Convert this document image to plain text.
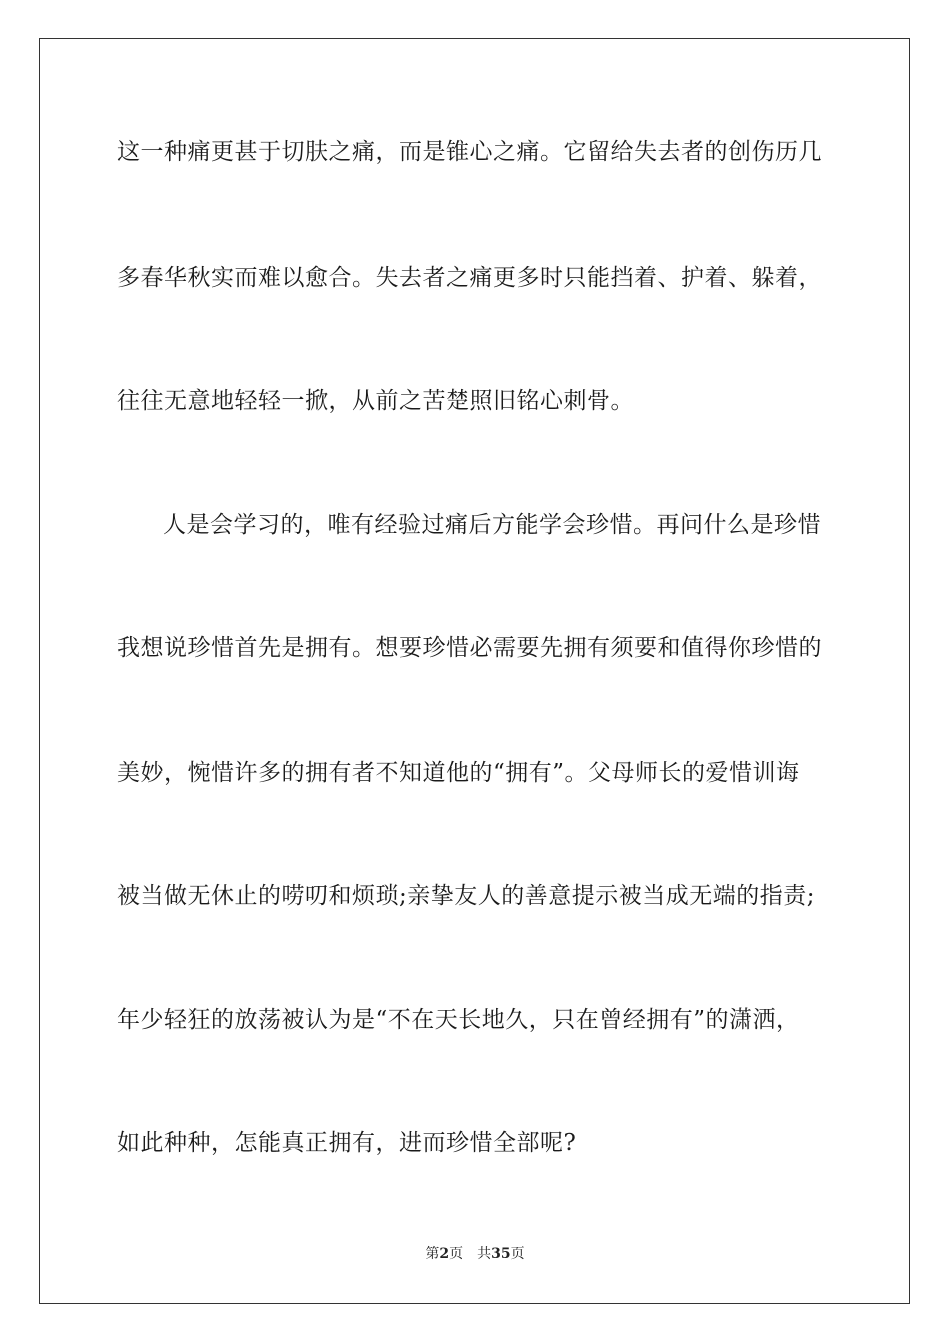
这一种痛更甚于切肤之痛，而是锥心之痛。它留给失去者的创伤历几
多春华秋实而难以愈合。失去者之痛更多时只能挡着、护着、躲着，
往往无意地轻轻一掀，从前之苦楚照旧铭心刺骨。
人是会学习的，唯有经验过痛后方能学会珍惜。再问什么是珍惜
我想说珍惜首先是拥有。想要珍惜必需要先拥有须要和值得你珍惜的
美妙，惋惜许多的拥有者不知道他的“拥有”。父母师长的爱惜训诲
被当做无休止的唠叨和烦琐;亲挚友人的善意提示被当成无端的指责;
年少轻狂的放荡被认为是“不在天长地久，只在曾经拥有”的潇洒，
如此种种，怎能真正拥有，进而珍惜全部呢?
第2页 共35页
